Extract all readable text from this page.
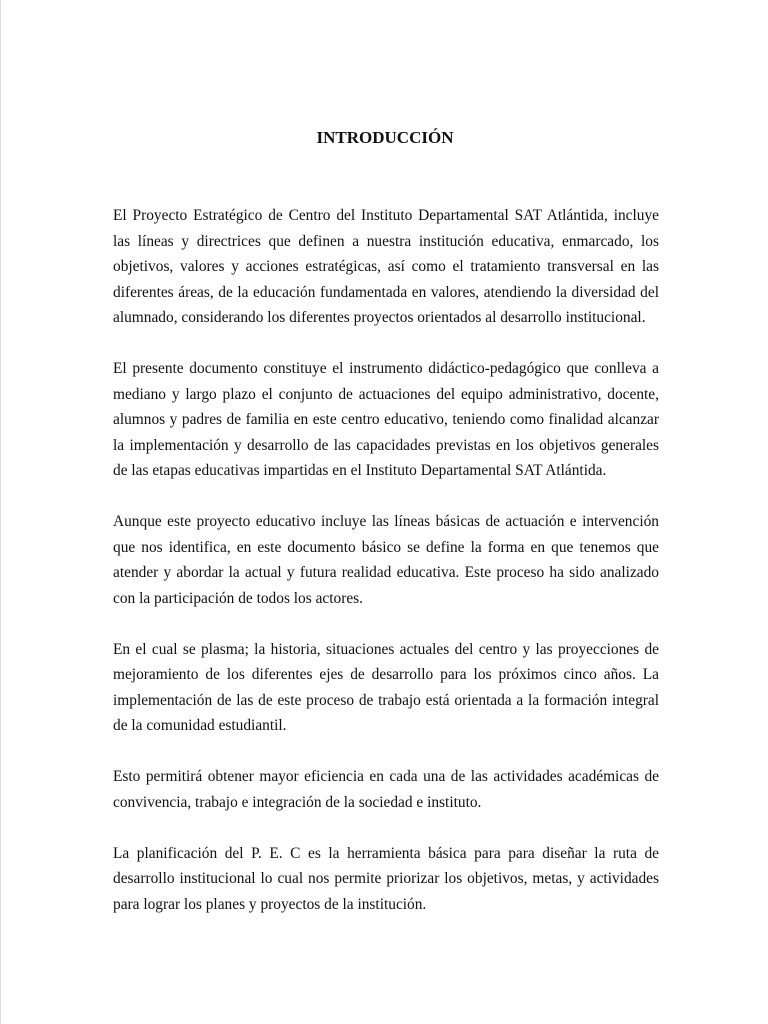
INTRODUCCIÓN

El Proyecto Estratégico de Centro del Instituto Departamental SAT Atlántida, incluye las líneas y directrices que definen a nuestra institución educativa, enmarcado, los objetivos, valores y acciones estratégicas, así como el tratamiento transversal en las diferentes áreas, de la educación fundamentada en valores, atendiendo la diversidad del alumnado, considerando los diferentes proyectos orientados al desarrollo institucional.

El presente documento constituye el instrumento didáctico-pedagógico que conlleva a mediano y largo plazo el conjunto de actuaciones del equipo administrativo, docente, alumnos y padres de familia en este centro educativo, teniendo como finalidad alcanzar la implementación y desarrollo de las capacidades previstas en los objetivos generales de las etapas educativas impartidas en el Instituto Departamental SAT Atlántida.

Aunque este proyecto educativo incluye las líneas básicas de actuación e intervención que nos identifica, en este documento básico se define la forma en que tenemos que atender y abordar la actual y futura realidad educativa. Este proceso ha sido analizado con la participación de todos los actores.

En el cual se plasma; la historia, situaciones actuales del centro y las proyecciones de mejoramiento de los diferentes ejes de desarrollo para los próximos cinco años. La implementación de las de este proceso de trabajo está orientada a la formación integral de la comunidad estudiantil.

Esto permitirá obtener mayor eficiencia en cada una de las actividades académicas de convivencia, trabajo e integración de la sociedad e instituto.

La planificación del P. E. C es la herramienta básica para para diseñar la ruta de desarrollo institucional lo cual nos permite priorizar los objetivos, metas, y actividades para lograr los planes y proyectos de la institución.
